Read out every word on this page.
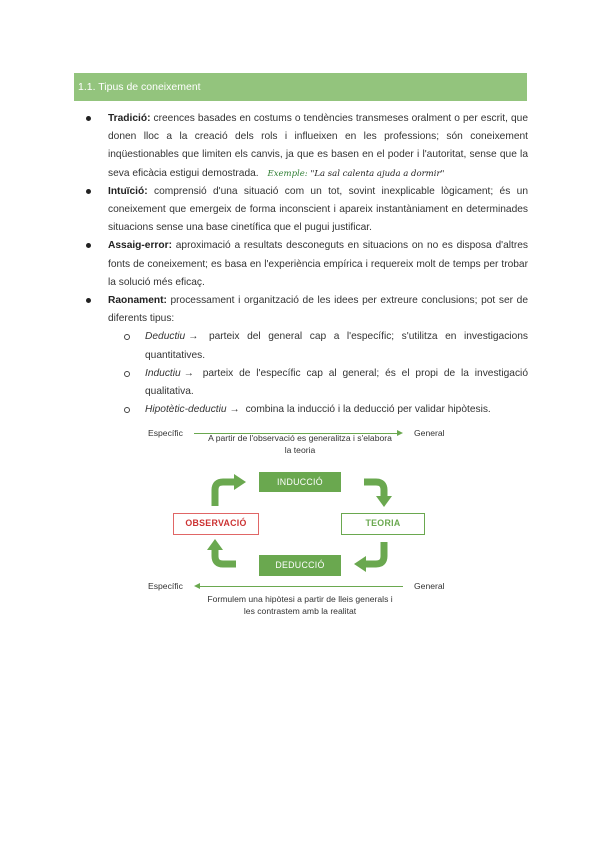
1.1. Tipus de coneixement
Tradició: creences basades en costums o tendències transmeses oralment o per escrit, que donen lloc a la creació dels rols i influeixen en les professions; són coneixement inqüestionables que limiten els canvis, ja que es basen en el poder i l'autoritat, sense que la seva eficàcia estigui demostrada. Exemple: "La sal calenta ajuda a dormir"
Intuïció: comprensió d'una situació com un tot, sovint inexplicable lògicament; és un coneixement que emergeix de forma inconscient i apareix instantàniament en determinades situacions sense una base cinetífica que el pugui justificar.
Assaig-error: aproximació a resultats desconeguts en situacions on no es disposa d'altres fonts de coneixement; es basa en l'experiència empírica i requereix molt de temps per trobar la solució més eficaç.
Raonament: processament i organització de les idees per extreure conclusions; pot ser de diferents tipus:
Deductiu → parteix del general cap a l'específic; s'utilitza en investigacions quantitatives.
Inductiu → parteix de l'específic cap al general; és el propi de la investigació qualitativa.
Hipotètic-deductiu → combina la inducció i la deducció per validar hipòtesis.
A partir de l'observació es generalitza i s'elabora
la teoria
Específic	General
INDUCCIÓ
TEORIA
DEDUCCIÓ
OBSERVACIÓ
Específic	General
Formulem una hipòtesi a partir de lleis generals i
les contrastem amb la realitat
